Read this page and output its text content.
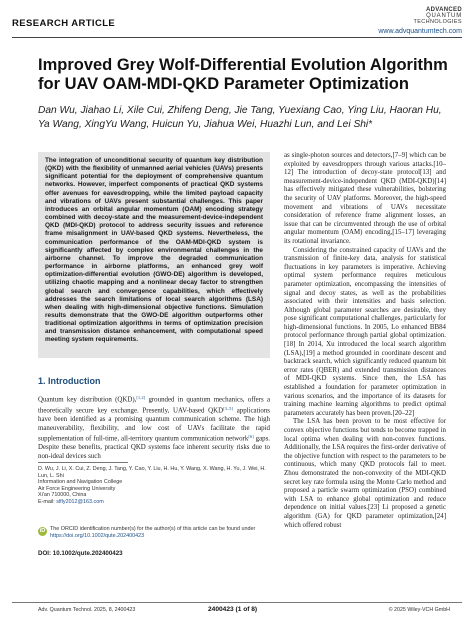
RESEARCH ARTICLE
ADVANCED
QUANTUM
TECHNOLOGIES
www.advquantumtech.com
Improved Grey Wolf-Differential Evolution Algorithm for UAV OAM-MDI-QKD Parameter Optimization
Dan Wu, Jiahao Li, Xile Cui, Zhifeng Deng, Jie Tang, Yuexiang Cao, Ying Liu, Haoran Hu, Ya Wang, XingYu Wang, Huicun Yu, Jiahua Wei, Huazhi Lun, and Lei Shi*

The integration of unconditional security of quantum key distribution (QKD) with the flexibility of unmanned aerial vehicles (UAVs) presents significant potential for the deployment of comprehensive quantum networks. However, imperfect components of practical QKD systems offer avenues for eavesdropping, while the limited payload capacity and vibrations of UAVs present substantial challenges. This paper introduces an orbital angular momentum (OAM) encoding strategy combined with decoy-state and the measurement-device-independent QKD (MDI-QKD) protocol to address security issues and reference frame misalignment in UAV-based QKD systems. Nevertheless, the communication performance of the OAM-MDI-QKD system is significantly affected by complex environmental challenges in the airborne channel. To improve the degraded communication performance in airborne platforms, an enhanced grey wolf optimization-differential evolution (GWO-DE) algorithm is developed, utilizing chaotic mapping and a nonlinear decay factor to strengthen global search and convergence capabilities, which effectively addresses the search limitations of local search algorithms (LSA) when dealing with high-dimensional objective functions. Simulation results demonstrate that the GWO-DE algorithm outperforms other traditional optimization algorithms in terms of optimization precision and transmission distance enhancement, with computational speed meeting system requirements.

1. Introduction
Quantum key distribution (QKD),[1,2] grounded in quantum mechanics, offers a theoretically secure key exchange. Presently, UAV-based QKD[3–5] applications have been identified as a promising quantum communication scheme. The high maneuverability, flexibility, and low cost of UAVs facilitate the rapid supplementation of full-time, all-territory quantum communication network[6] gaps. Despite these benefits, practical QKD systems face inherent security risks due to non-ideal devices such
D. Wu, J. Li, X. Cui, Z. Deng, J. Tang, Y. Cao, Y. Liu, H. Hu, Y. Wang, X. Wang, H. Yu, J. Wei, H. Lun, L. Shi
Information and Navigation College
Air Force Engineering University
Xi'an 710000, China
E-mail: slfly2012@163.com
iD The ORCID identification number(s) for the author(s) of this article can be found under https://doi.org/10.1002/qute.202400423
DOI: 10.1002/qute.202400423

as single-photon sources and detectors,[7–9] which can be exploited by eavesdroppers through various attacks.[10–12] The introduction of decoy-state protocol[13] and measurement-device-independent QKD (MDI-QKD)[14] has effectively mitigated these vulnerabilities, bolstering the security of UAV platforms. Moreover, the high-speed movement and vibrations of UAVs necessitate consideration of reference frame alignment losses, an issue that can be circumvented through the use of orbital angular momentum (OAM) encoding,[15–17] leveraging its rotational invariance.

Considering the constrained capacity of UAVs and the transmission of finite-key data, analysis for statistical fluctuations in key parameters is imperative. Achieving optimal system performance requires meticulous parameter optimization, encompassing the intensities of signal and decoy states, as well as the probabilities associated with their intensities and basis selection. Although global parameter searches are desirable, they pose significant computational challenges, particularly for high-dimensional functions. In 2005, Lo enhanced BB84 protocol performance through partial global optimization.[18] In 2014, Xu introduced the local search algorithm (LSA),[19] a method grounded in coordinate descent and backtrack search, which significantly reduced quantum bit error rates (QBER) and extended transmission distances of MDI-QKD systems. Since then, the LSA has established a foundation for parameter optimization in various scenarios, and the importance of its datasets for training machine learning algorithms to predict optimal parameters accurately has been proven.[20–22]

The LSA has been proven to be most effective for convex objective functions but tends to become trapped in local optima when dealing with non-convex functions. Additionally, the LSA requires the first-order derivative of the objective function with respect to the parameters to be continuous, which many QKD protocols fail to meet. Zhou demonstrated the non-convexity of the MDI-QKD secret key rate formula using the Monte Carlo method and proposed a particle swarm optimization (PSO) combined with LSA to enhance global optimization and reduce dependence on initial values.[23] Li proposed a genetic algorithm (GA) for QKD parameter optimization,[24] which offered robust

Adv. Quantum Technol. 2025, 8, 2400423	2400423 (1 of 8)	© 2025 Wiley-VCH GmbH
